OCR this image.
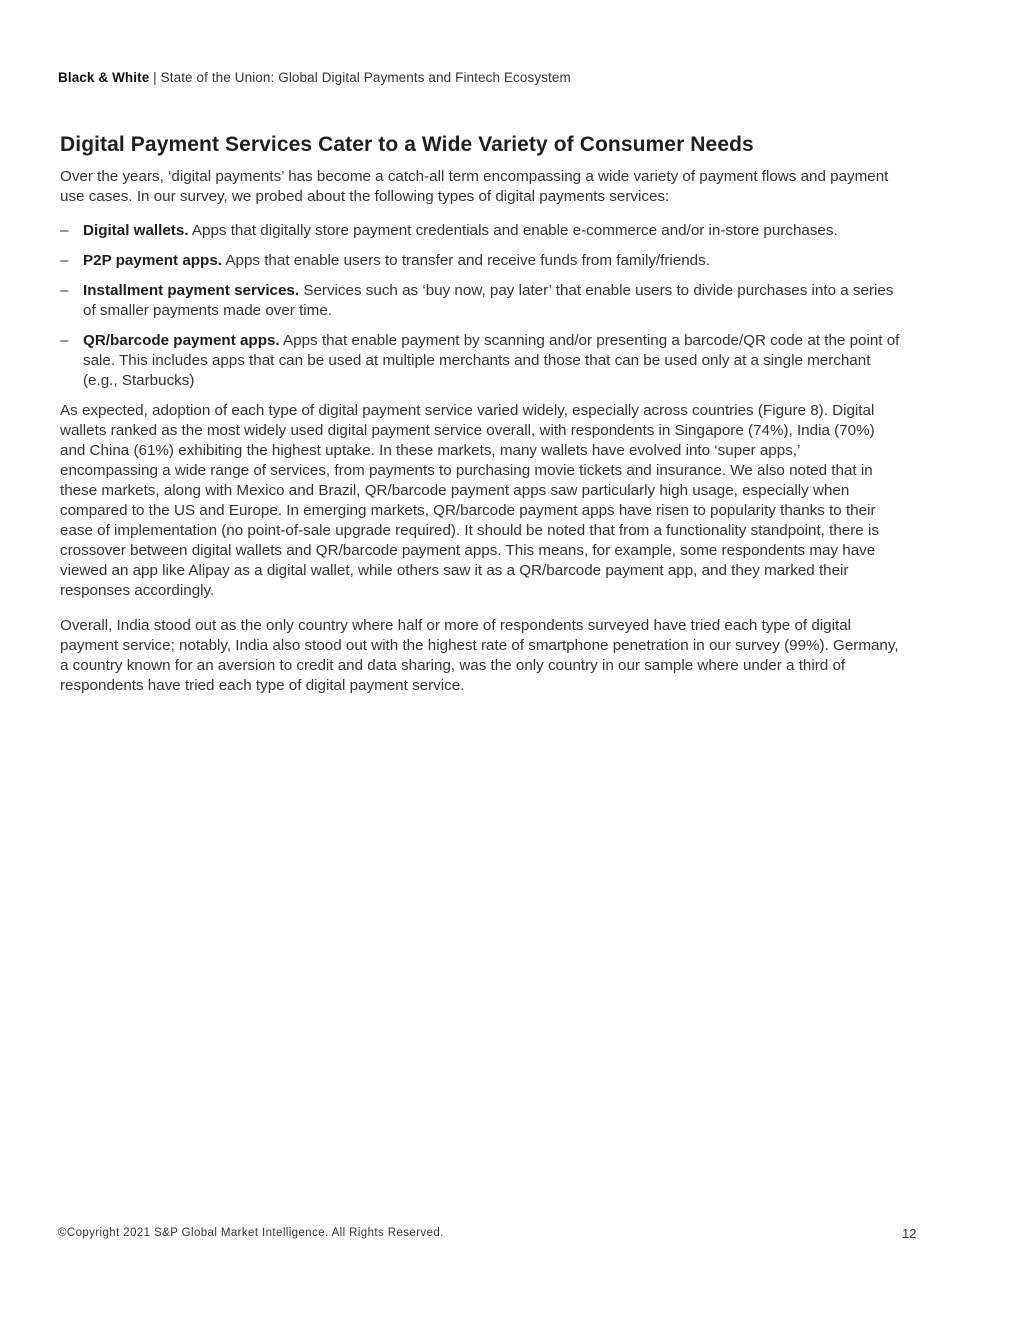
Black & White | State of the Union: Global Digital Payments and Fintech Ecosystem
Digital Payment Services Cater to a Wide Variety of Consumer Needs

Over the years, ‘digital payments’ has become a catch-all term encompassing a wide variety of payment flows and payment use cases. In our survey, we probed about the following types of digital payments services:

– Digital wallets. Apps that digitally store payment credentials and enable e-commerce and/or in-store purchases.
– P2P payment apps. Apps that enable users to transfer and receive funds from family/friends.
– Installment payment services. Services such as ‘buy now, pay later’ that enable users to divide purchases into a series of smaller payments made over time.
– QR/barcode payment apps. Apps that enable payment by scanning and/or presenting a barcode/QR code at the point of sale. This includes apps that can be used at multiple merchants and those that can be used only at a single merchant (e.g., Starbucks)

As expected, adoption of each type of digital payment service varied widely, especially across countries (Figure 8). Digital wallets ranked as the most widely used digital payment service overall, with respondents in Singapore (74%), India (70%) and China (61%) exhibiting the highest uptake. In these markets, many wallets have evolved into ‘super apps,’ encompassing a wide range of services, from payments to purchasing movie tickets and insurance. We also noted that in these markets, along with Mexico and Brazil, QR/barcode payment apps saw particularly high usage, especially when compared to the US and Europe. In emerging markets, QR/barcode payment apps have risen to popularity thanks to their ease of implementation (no point-of-sale upgrade required). It should be noted that from a functionality standpoint, there is crossover between digital wallets and QR/barcode payment apps. This means, for example, some respondents may have viewed an app like Alipay as a digital wallet, while others saw it as a QR/barcode payment app, and they marked their responses accordingly.

Overall, India stood out as the only country where half or more of respondents surveyed have tried each type of digital payment service; notably, India also stood out with the highest rate of smartphone penetration in our survey (99%). Germany, a country known for an aversion to credit and data sharing, was the only country in our sample where under a third of respondents have tried each type of digital payment service.

©Copyright 2021 S&P Global Market Intelligence. All Rights Reserved.	12
